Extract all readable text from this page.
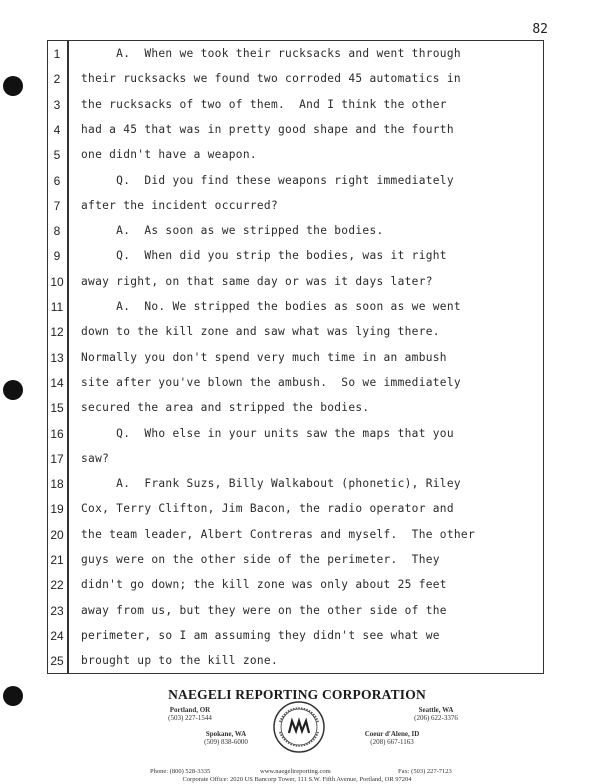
82
1	A.  When we took their rucksacks and went through
2	their rucksacks we found two corroded 45 automatics in
3	the rucksacks of two of them.  And I think the other
4	had a 45 that was in pretty good shape and the fourth
5	one didn't have a weapon.
6	Q.  Did you find these weapons right immediately
7	after the incident occurred?
8	A.  As soon as we stripped the bodies.
9	Q.  When did you strip the bodies, was it right
10 away right, on that same day or was it days later?
11	A.  No. We stripped the bodies as soon as we went
12 down to the kill zone and saw what was lying there.
13 Normally you don't spend very much time in an ambush
14 site after you've blown the ambush.  So we immediately
15 secured the area and stripped the bodies.
16 Q.  Who else in your units saw the maps that you
17 saw?
18 A.  Frank Suzs, Billy Walkabout (phonetic), Riley
19 Cox, Terry Clifton, Jim Bacon, the radio operator and
20 the team leader, Albert Contreras and myself.  The other
21 guys were on the other side of the perimeter.  They
22 didn't go down; the kill zone was only about 25 feet
23 away from us, but they were on the other side of the
24 perimeter, so I am assuming they didn't see what we
25 brought up to the kill zone.
NAEGELI REPORTING CORPORATION
Portland, OR
(503) 227-1544
Seattle, WA
(206) 622-3376
Spokane, WA
(509) 838-6000
Coeur d'Alene, ID
(208) 667-1163

Phone: (800) 528-3335

	www.naegelireporting.com

	Fax: (503) 227-7123

Corporate Office: 2020 US Bancorp Tower, 111 S.W. Fifth Avenue, Portland, OR 97204
